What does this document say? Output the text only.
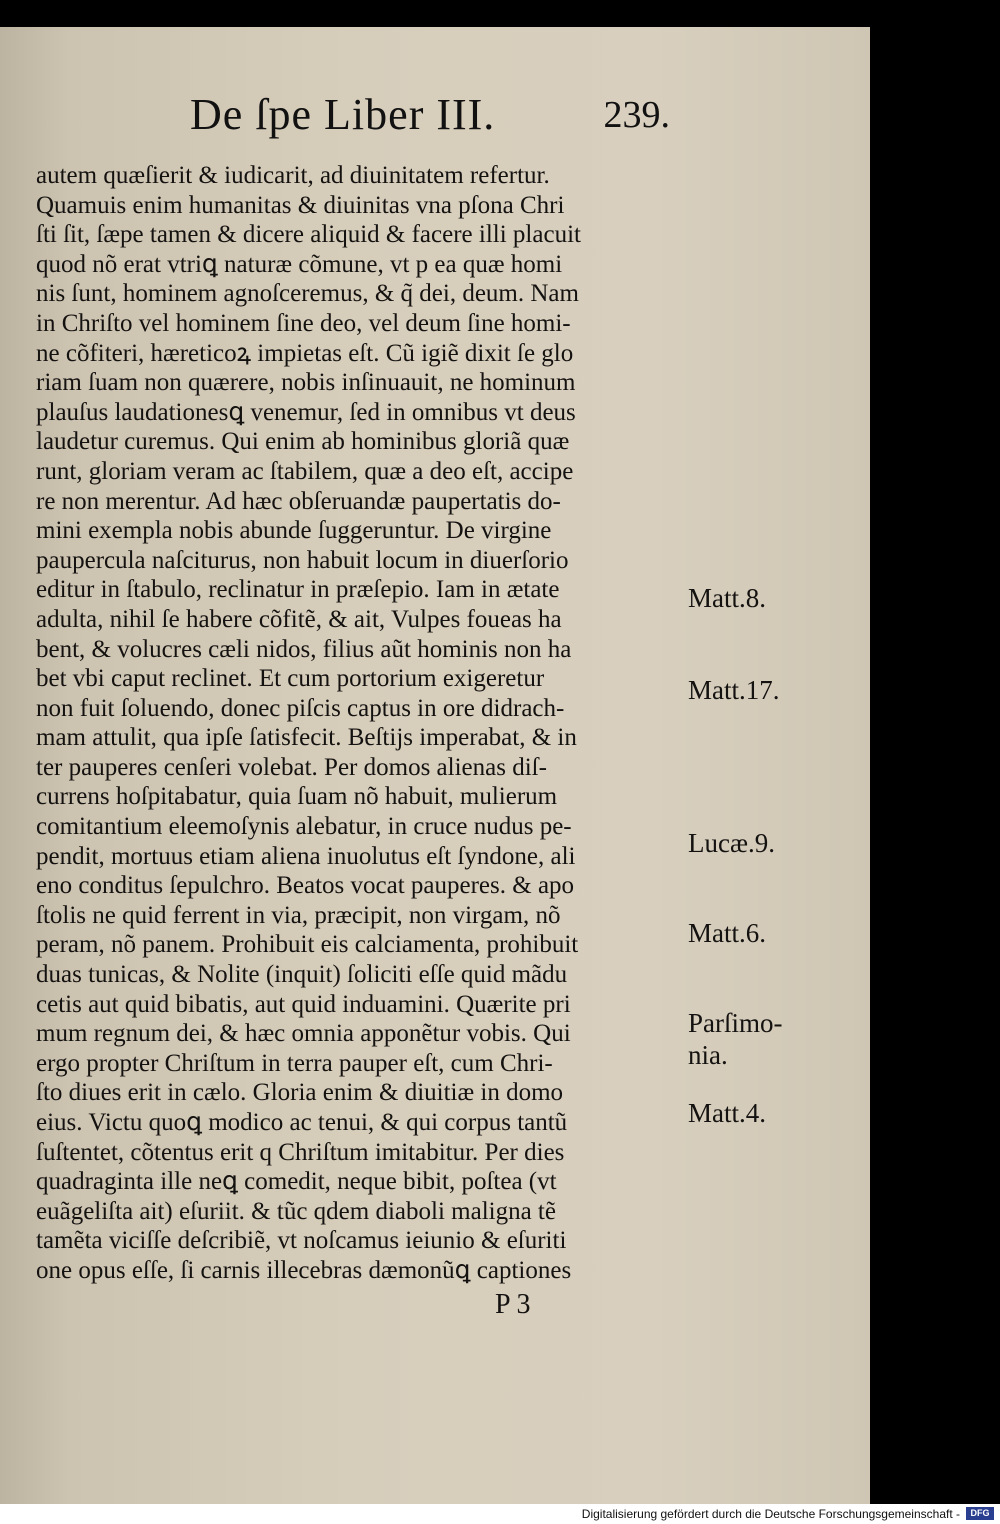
De ſpe Liber III.	239.
autem quæſierit & iudicarit, ad diuinitatem refertur.
Quamuis enim humanitas & diuinitas vna pſona Chri
ſti ſit, ſæpe tamen & dicere aliquid & facere illi placuit
quod nõ erat vtriꝗ naturæ cõmune, vt p ea quæ homi
nis ſunt, hominem agnoſceremus, & q̃ dei, deum. Nam
in Chriſto vel hominem ſine deo, vel deum ſine homi-
ne cõfiteri, hæreticoꝝ impietas eſt. Cũ igiẽ dixit ſe glo
riam ſuam non quærere, nobis inſinuauit, ne hominum
plauſus laudationesꝗ venemur, ſed in omnibus vt deus
laudetur curemus. Qui enim ab hominibus gloriã quæ
runt, gloriam veram ac ſtabilem, quæ a deo eſt, accipe
re non merentur. Ad hæc obſeruandæ paupertatis do-
mini exempla nobis abunde ſuggeruntur. De virgine
paupercula naſciturus, non habuit locum in diuerſorio
editur in ſtabulo, reclinatur in præſepio. Iam in ætate
adulta, nihil ſe habere cõfitẽ, & ait, Vulpes foueas ha
bent, & volucres cæli nidos, filius aũt hominis non ha
bet vbi caput reclinet. Et cum portorium exigeretur
non fuit ſoluendo, donec piſcis captus in ore didrach-
mam attulit, qua ipſe ſatisfecit. Beſtijs imperabat, & in
ter pauperes cenſeri volebat. Per domos alienas diſ-
currens hoſpitabatur, quia ſuam nõ habuit, mulierum
comitantium eleemoſynis alebatur, in cruce nudus pe-
pendit, mortuus etiam aliena inuolutus eſt ſyndone, ali
eno conditus ſepulchro. Beatos vocat pauperes. & apo
ſtolis ne quid ferrent in via, præcipit, non virgam, nõ
peram, nõ panem. Prohibuit eis calciamenta, prohibuit
duas tunicas, & Nolite (inquit) ſoliciti eſſe quid mãdu
cetis aut quid bibatis, aut quid induamini. Quærite pri
mum regnum dei, & hæc omnia apponẽtur vobis. Qui
ergo propter Chriſtum in terra pauper eſt, cum Chri-
ſto diues erit in cælo. Gloria enim & diuitiæ in domo
eius. Victu quoꝗ modico ac tenui, & qui corpus tantũ
ſuſtentet, cõtentus erit q Chriſtum imitabitur. Per dies
quadraginta ille neꝗ comedit, neque bibit, poſtea (vt
euãgeliſta ait) eſuriit. & tũc qdem diaboli maligna tẽ
tamẽta viciſſe deſcribiẽ, vt noſcamus ieiunio & eſuriti
one opus eſſe, ſi carnis illecebras dæmonũꝗ captiones
Matt.8.
Matt.17.
Lucæ.9.
Matt.6.
Parſimo-
nia.
Matt.4.
P 3
Digitalisierung gefördert durch die Deutsche Forschungsgemeinschaft -	DFG
